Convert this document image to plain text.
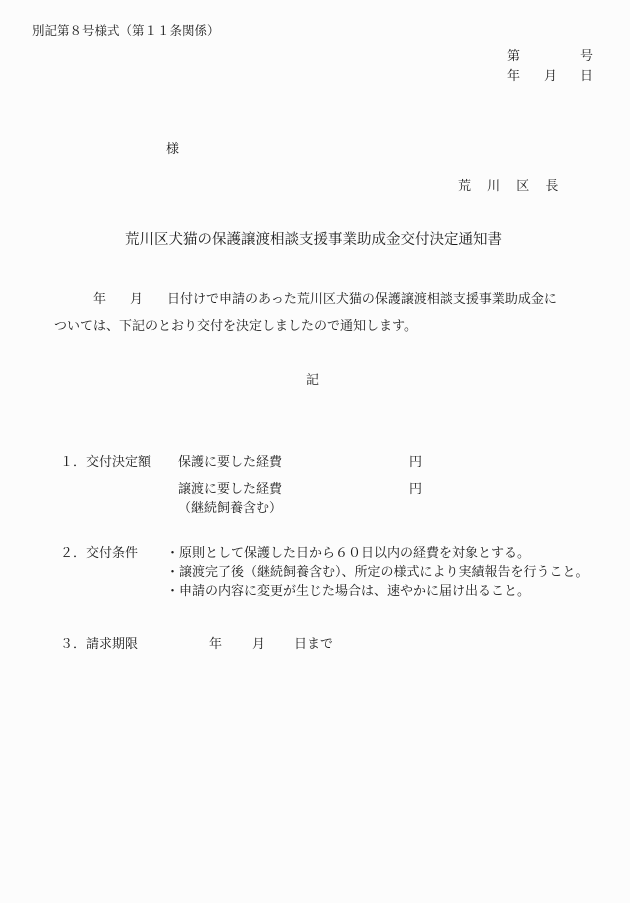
別記第８号様式（第１１条関係）
第	号
年 月 日
様
荒 川 区 長
荒川区犬猫の保護譲渡相談支援事業助成金交付決定通知書
年 月 日付けで申請のあった荒川区犬猫の保護譲渡相談支援事業助成金に
ついては、下記のとおり交付を決定しましたので通知します。
記
１．交付決定額 保護に要した経費	円
譲渡に要した経費	円
（継続飼養含む）
２．交付条件 ・原則として保護した日から６０日以内の経費を対象とする。
・譲渡完了後（継続飼養含む）、所定の様式により実績報告を行うこと。
・申請の内容に変更が生じた場合は、速やかに届け出ること。
３．請求期限	年 月 日まで
